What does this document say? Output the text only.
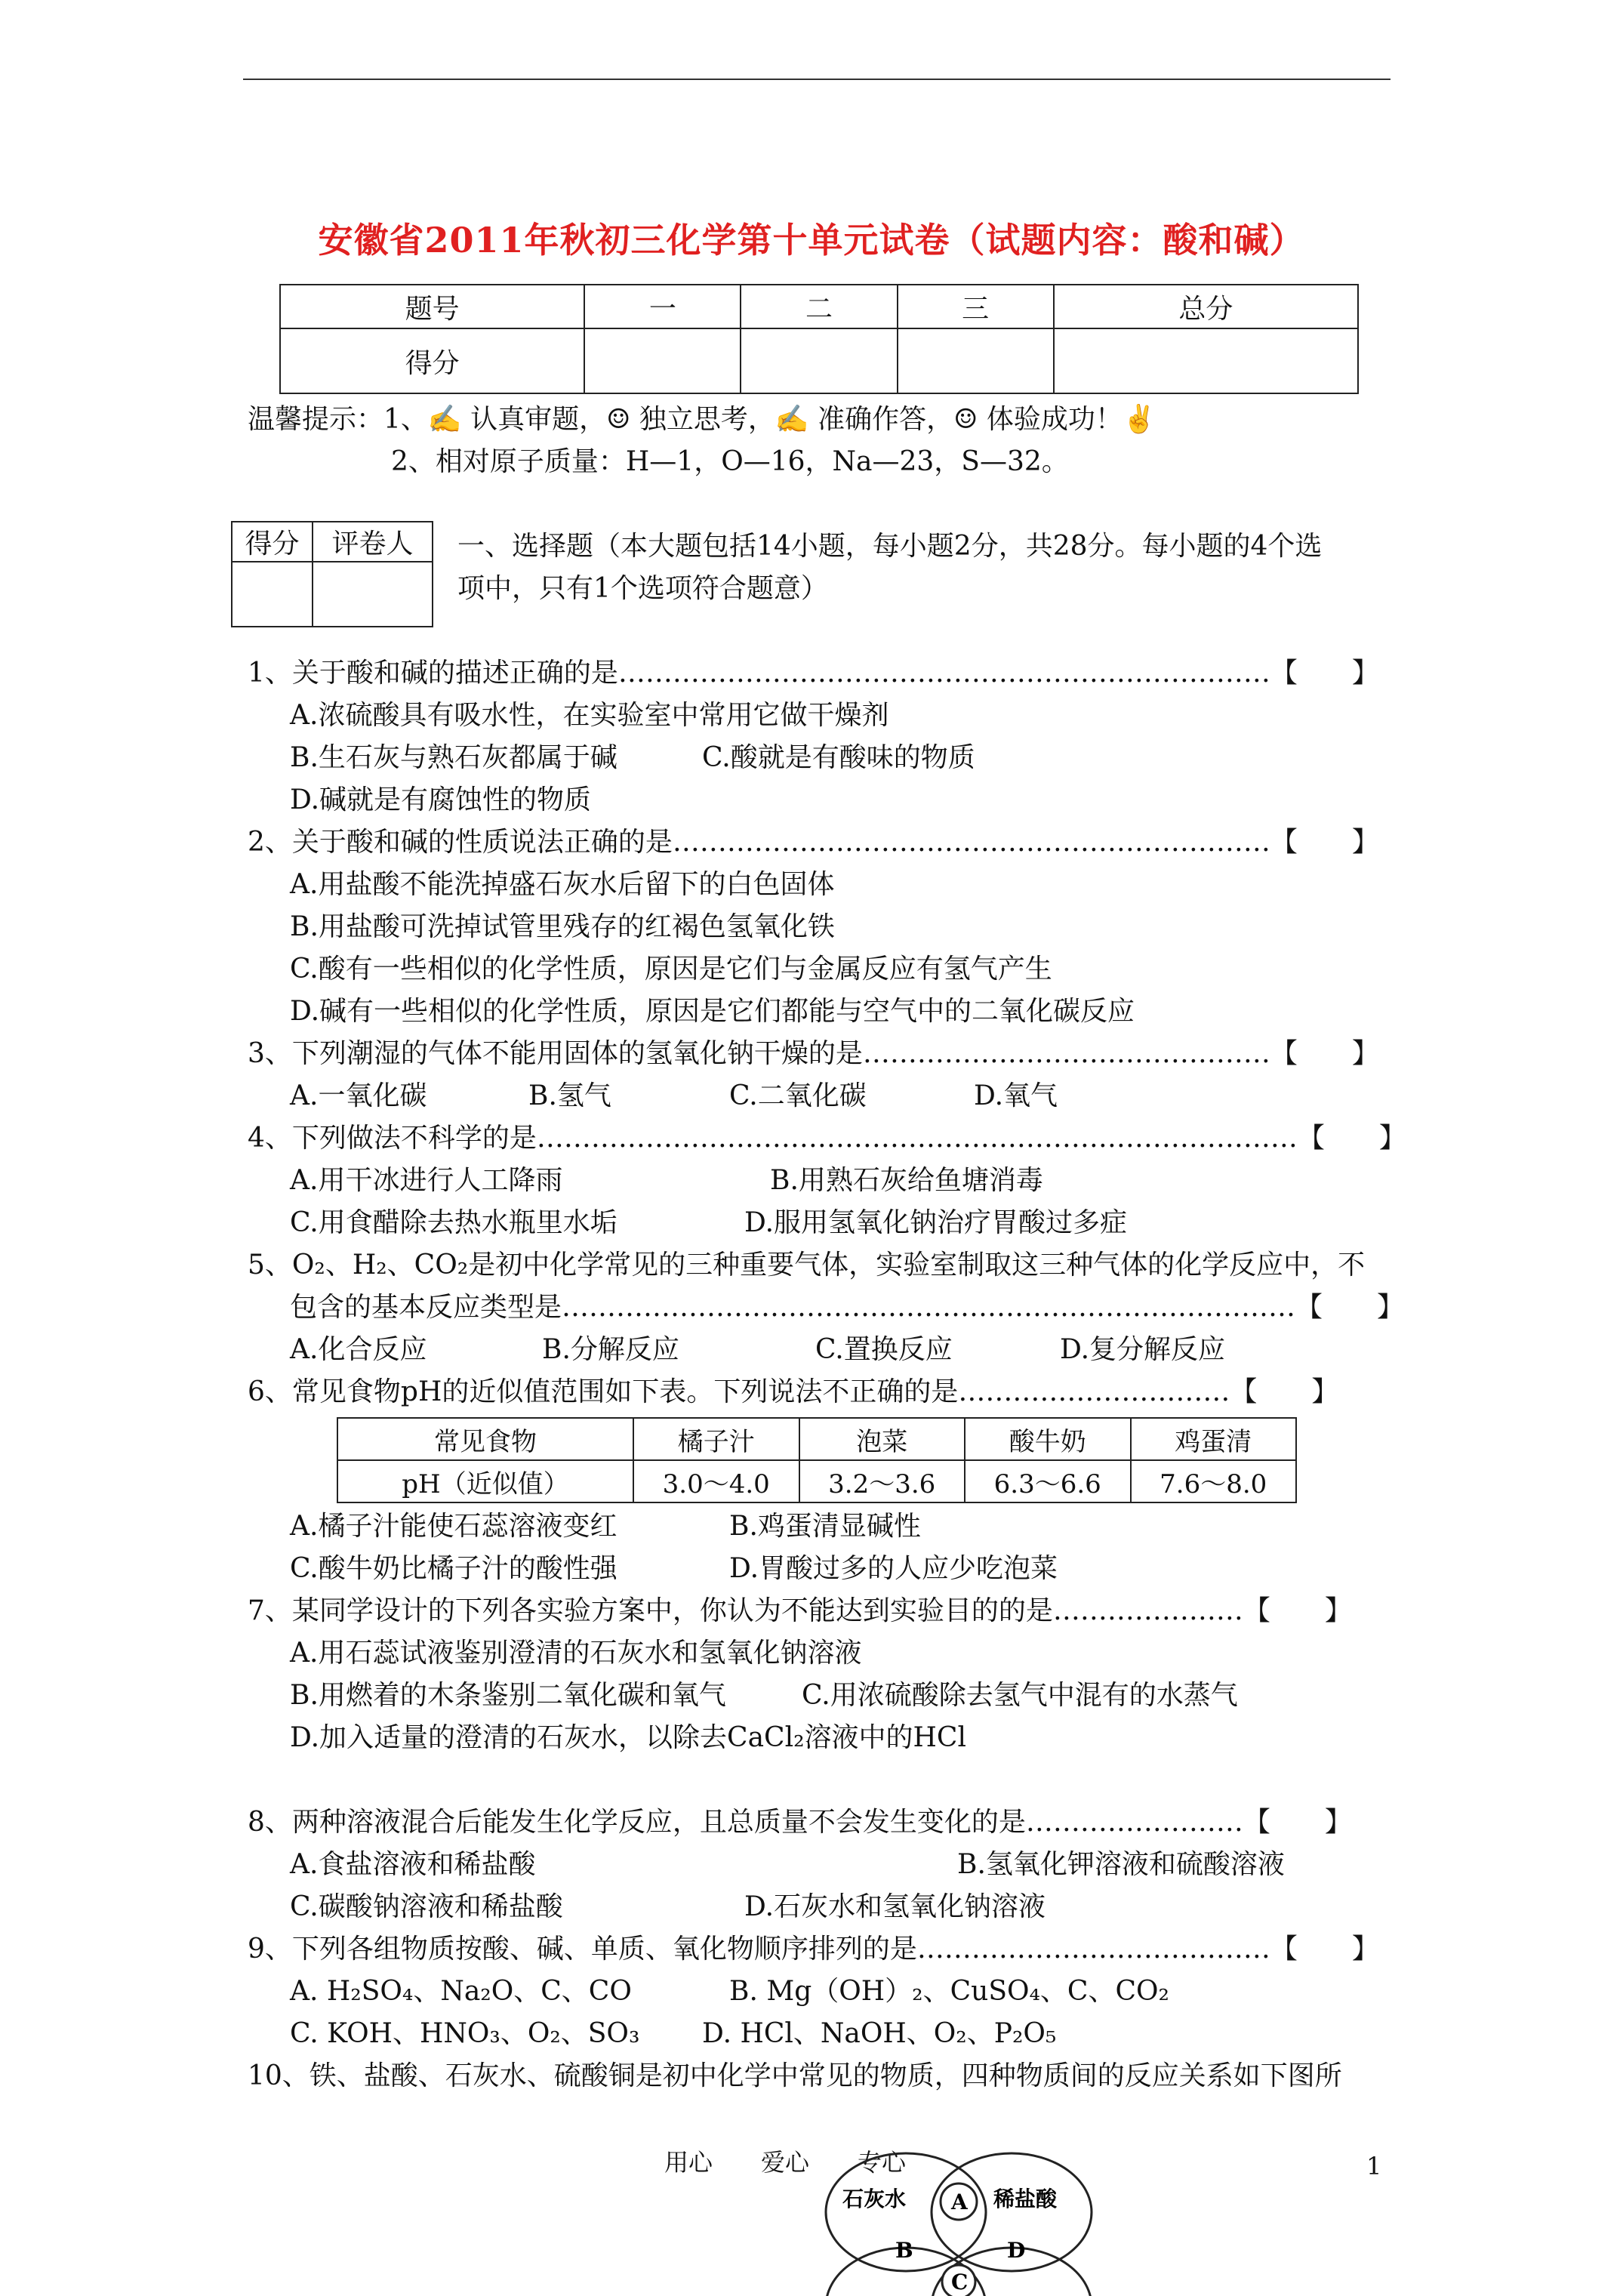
安徽省2011年秋初三化学第十单元试卷（试题内容：酸和碱）
题号	一	二	三	总分
得分				
温馨提示：1、✍ 认真审题，☺ 独立思考，✍ 准确作答，☺ 体验成功！✌
2、相对原子质量：H—1，O—16，Na—23，S—32。
得分	评卷人
	一、选择题（本大题包括14小题，每小题2分，共28分。每小题的4个选
项中，只有1个选项符合题意）
1、关于酸和碱的描述正确的是………………………………………………………………【　　】
A.浓硫酸具有吸水性，在实验室中常用它做干燥剂
B.生石灰与熟石灰都属于碱	C.酸就是有酸味的物质
D.碱就是有腐蚀性的物质
2、关于酸和碱的性质说法正确的是…………………………………………………………【　　】
A.用盐酸不能洗掉盛石灰水后留下的白色固体
B.用盐酸可洗掉试管里残存的红褐色氢氧化铁
C.酸有一些相似的化学性质，原因是它们与金属反应有氢气产生
D.碱有一些相似的化学性质，原因是它们都能与空气中的二氧化碳反应
3、下列潮湿的气体不能用固体的氢氧化钠干燥的是………………………………………【　　】
A.一氧化碳	B.氢气	C.二氧化碳	D.氧气
4、下列做法不科学的是…………………………………………………………………………【　　】
A.用干冰进行人工降雨	B.用熟石灰给鱼塘消毒
C.用食醋除去热水瓶里水垢	D.服用氢氧化钠治疗胃酸过多症
5、O₂、H₂、CO₂是初中化学常见的三种重要气体，实验室制取这三种气体的化学反应中，不
包含的基本反应类型是………………………………………………………………………【　　】
A.化合反应	B.分解反应	C.置换反应	D.复分解反应
6、常见食物pH的近似值范围如下表。下列说法不正确的是…………………………【　　】
常见食物	橘子汁	泡菜	酸牛奶	鸡蛋清
pH（近似值）	3.0～4.0	3.2～3.6	6.3～6.6	7.6～8.0
A.橘子汁能使石蕊溶液变红	B.鸡蛋清显碱性
C.酸牛奶比橘子汁的酸性强	D.胃酸过多的人应少吃泡菜
7、某同学设计的下列各实验方案中，你认为不能达到实验目的的是…………………【　　】
A.用石蕊试液鉴别澄清的石灰水和氢氧化钠溶液
B.用燃着的木条鉴别二氧化碳和氧气	C.用浓硫酸除去氢气中混有的水蒸气
D.加入适量的澄清的石灰水，以除去CaCl₂溶液中的HCl
8、两种溶液混合后能发生化学反应，且总质量不会发生变化的是……………………【　　】
A.食盐溶液和稀盐酸	B.氢氧化钾溶液和硫酸溶液
C.碳酸钠溶液和稀盐酸	D.石灰水和氢氧化钠溶液
9、下列各组物质按酸、碱、单质、氧化物顺序排列的是…………………………………【　　】
A. H₂SO₄、Na₂O、C、CO	B. Mg（OH）₂、CuSO₄、C、CO₂
C. KOH、HNO₃、O₂、SO₃ D. HCl、NaOH、O₂、P₂O₅
10、铁、盐酸、石灰水、硫酸铜是初中化学中常见的物质，四种物质间的反应关系如下图所
用心　　爱心　　专心	1
石灰水	稀盐酸
A
B
C
D
